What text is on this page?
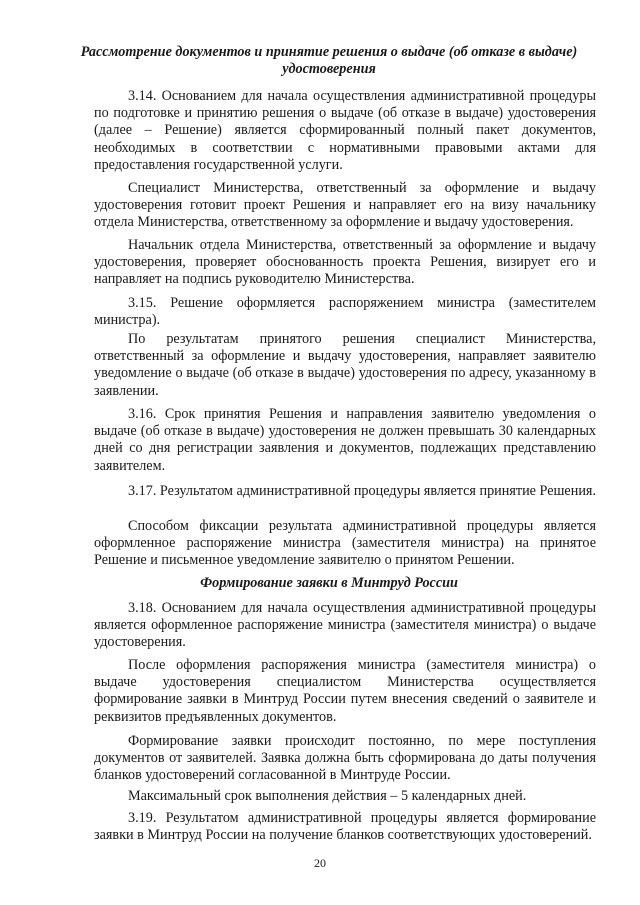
Рассмотрение документов и принятие решения о выдаче (об отказе в выдаче) удостоверения

3.14. Основанием для начала осуществления административной процедуры по подготовке и принятию решения о выдаче (об отказе в выдаче) удостоверения (далее – Решение) является сформированный полный пакет документов, необходимых в соответствии с нормативными правовыми актами для предоставления государственной услуги.

Специалист Министерства, ответственный за оформление и выдачу удостоверения готовит проект Решения и направляет его на визу начальнику отдела Министерства, ответственному за оформление и выдачу удостоверения.

Начальник отдела Министерства, ответственный за оформление и выдачу удостоверения, проверяет обоснованность проекта Решения, визирует его и направляет на подпись руководителю Министерства.

3.15. Решение оформляется распоряжением министра (заместителем министра).

По результатам принятого решения специалист Министерства, ответственный за оформление и выдачу удостоверения, направляет заявителю уведомление о выдаче (об отказе в выдаче) удостоверения по адресу, указанному в заявлении.

3.16. Срок принятия Решения и направления заявителю уведомления о выдаче (об отказе в выдаче) удостоверения не должен превышать 30 календарных дней со дня регистрации заявления и документов, подлежащих представлению заявителем.

3.17. Результатом административной процедуры является принятие Решения.

Способом фиксации результата административной процедуры является оформленное распоряжение министра (заместителя министра) на принятое Решение и письменное уведомление заявителю о принятом Решении.

Формирование заявки в Минтруд России

3.18. Основанием для начала осуществления административной процедуры является оформленное распоряжение министра (заместителя министра) о выдаче удостоверения.

После оформления распоряжения министра (заместителя министра) о выдаче удостоверения специалистом Министерства осуществляется формирование заявки в Минтруд России путем внесения сведений о заявителе и реквизитов предъявленных документов.

Формирование заявки происходит постоянно, по мере поступления документов от заявителей. Заявка должна быть сформирована до даты получения бланков удостоверений согласованной в Минтруде России.

Максимальный срок выполнения действия – 5 календарных дней.

3.19. Результатом административной процедуры является формирование заявки в Минтруд России на получение бланков соответствующих удостоверений.

20
